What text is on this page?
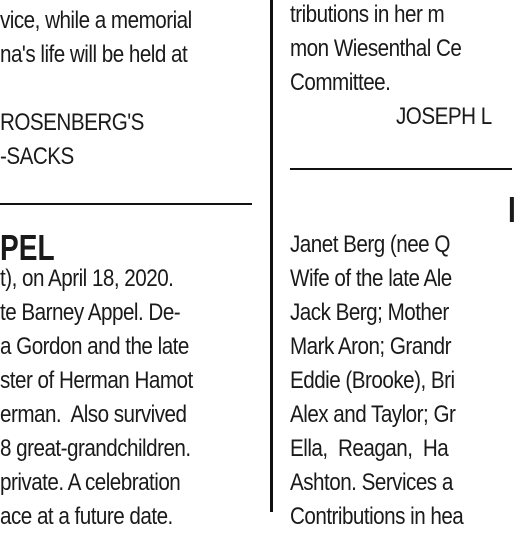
vice, while a memorial
na's life will be held at
ROSENBERG'S
-SACKS
PEL
t), on April 18, 2020.
te Barney Appel. De-
a Gordon and the late
ster of Herman Hamot
erman.  Also survived
8 great-grandchildren.
private. A celebration
ace at a future date.
tributions in her m
mon Wiesenthal Ce
Committee.
JOSEPH L
I
Janet Berg (nee Q
Wife of the late Ale
Jack Berg; Mother
Mark Aron; Grandr
Eddie (Brooke), Bri
Alex and Taylor; Gr
Ella,  Reagan,  Ha
Ashton. Services a
Contributions in hea
